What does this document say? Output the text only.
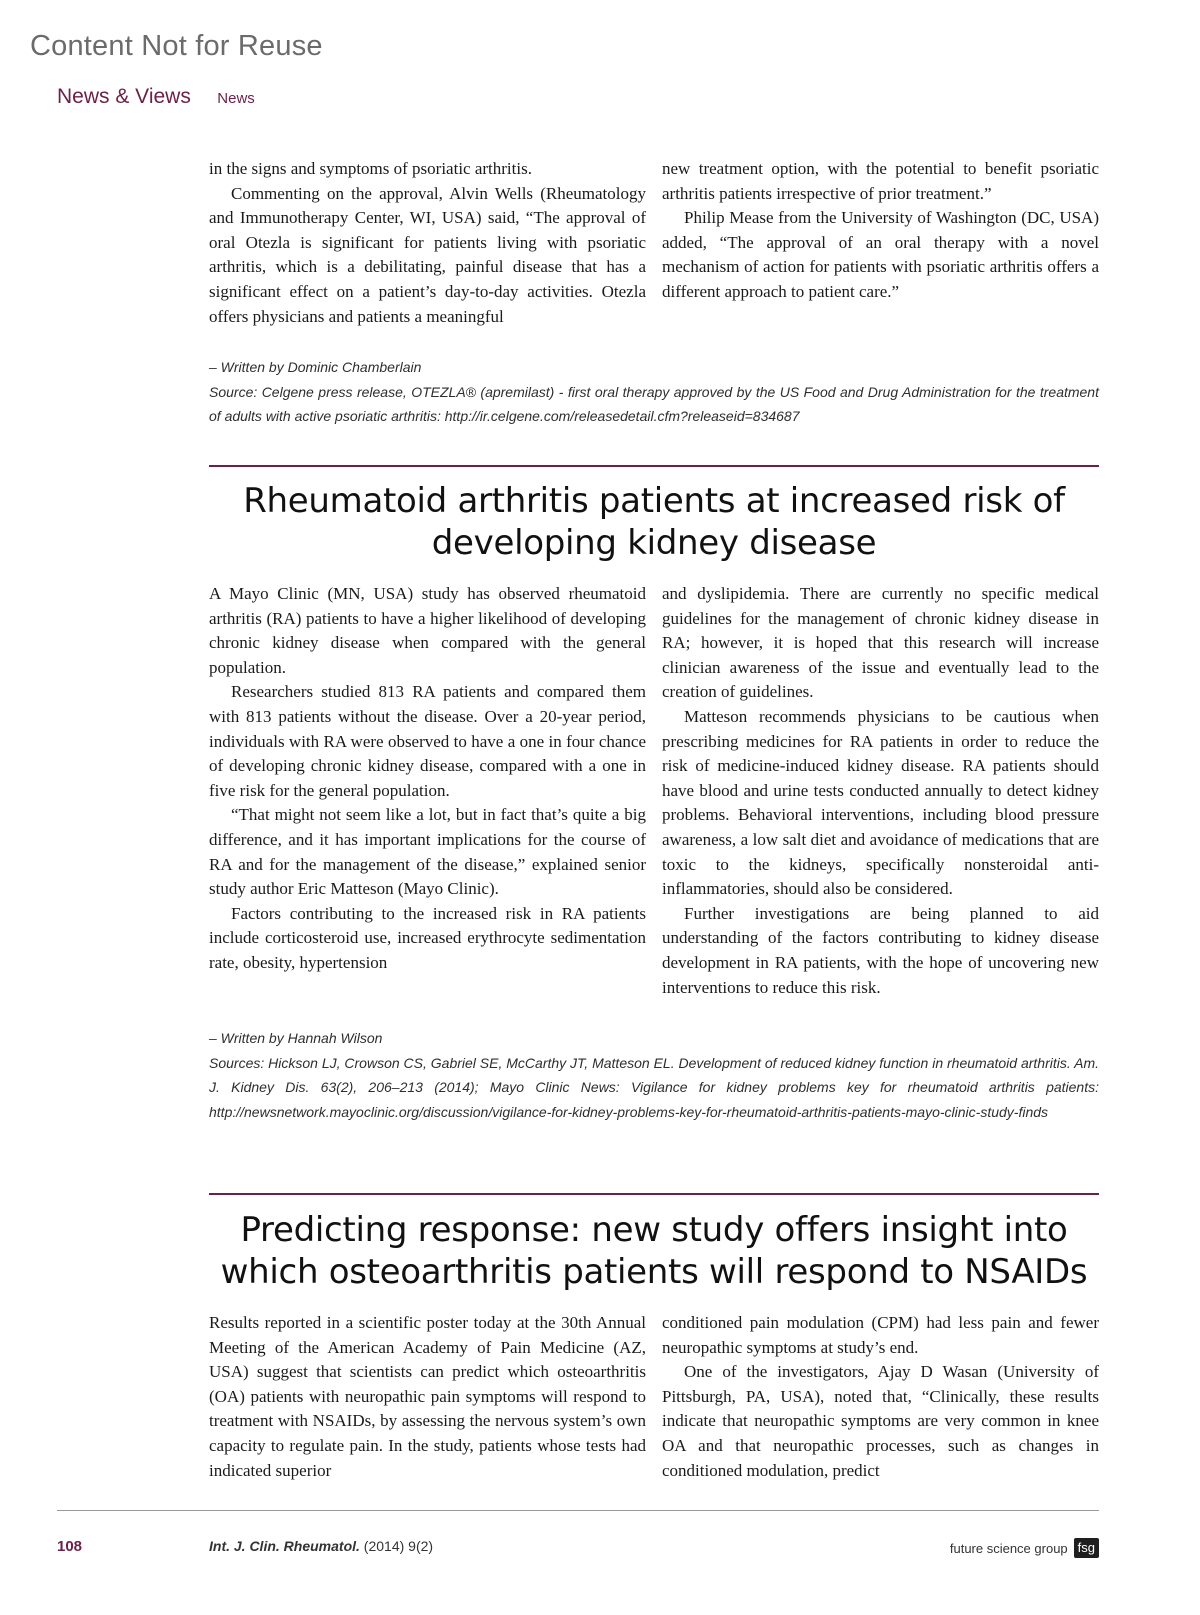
Content Not for Reuse
News & Views News

in the signs and symptoms of psoriatic arthritis.

Commenting on the approval, Alvin Wells (Rheumatology and Immunotherapy Center, WI, USA) said, “The approval of oral Otezla is significant for patients living with psoriatic arthritis, which is a debilitating, painful disease that has a significant effect on a patient’s day-to-day activities. Otezla offers physicians and patients a meaningful

new treatment option, with the potential to benefit psoriatic arthritis patients irrespective of prior treatment.”

Philip Mease from the University of Washington (DC, USA) added, “The approval of an oral therapy with a novel mechanism of action for patients with psoriatic arthritis offers a different approach to patient care.”

– Written by Dominic Chamberlain

Source: Celgene press release, OTEZLA® (apremilast) - first oral therapy approved by the US Food and Drug Administration for the treatment of adults with active psoriatic arthritis: http://ir.celgene.com/releasedetail.cfm?releaseid=834687

Rheumatoid arthritis patients at increased risk of developing kidney disease

A Mayo Clinic (MN, USA) study has observed rheumatoid arthritis (RA) patients to have a higher likelihood of developing chronic kidney disease when compared with the general population.

Researchers studied 813 RA patients and compared them with 813 patients without the disease. Over a 20-year period, individuals with RA were observed to have a one in four chance of developing chronic kidney disease, compared with a one in five risk for the general population.

“That might not seem like a lot, but in fact that’s quite a big difference, and it has important implications for the course of RA and for the management of the disease,” explained senior study author Eric Matteson (Mayo Clinic).

Factors contributing to the increased risk in RA patients include corticosteroid use, increased erythrocyte sedimentation rate, obesity, hypertension

and dyslipidemia. There are currently no specific medical guidelines for the management of chronic kidney disease in RA; however, it is hoped that this research will increase clinician awareness of the issue and eventually lead to the creation of guidelines.

Matteson recommends physicians to be cautious when prescribing medicines for RA patients in order to reduce the risk of medicine-induced kidney disease. RA patients should have blood and urine tests conducted annually to detect kidney problems. Behavioral interventions, including blood pressure awareness, a low salt diet and avoidance of medications that are toxic to the kidneys, specifically nonsteroidal anti-inflammatories, should also be considered.

Further investigations are being planned to aid understanding of the factors contributing to kidney disease development in RA patients, with the hope of uncovering new interventions to reduce this risk.

– Written by Hannah Wilson

Sources: Hickson LJ, Crowson CS, Gabriel SE, McCarthy JT, Matteson EL. Development of reduced kidney function in rheumatoid arthritis. Am. J. Kidney Dis. 63(2), 206–213 (2014); Mayo Clinic News: Vigilance for kidney problems key for rheumatoid arthritis patients: http://newsnetwork.mayoclinic.org/discussion/vigilance-for-kidney-problems-key-for-rheumatoid-arthritis-patients-mayo-clinic-study-finds

Predicting response: new study offers insight into which osteoarthritis patients will respond to NSAIDs

Results reported in a scientific poster today at the 30th Annual Meeting of the American Academy of Pain Medicine (AZ, USA) suggest that scientists can predict which osteoarthritis (OA) patients with neuropathic pain symptoms will respond to treatment with NSAIDs, by assessing the nervous system’s own capacity to regulate pain. In the study, patients whose tests had indicated superior

conditioned pain modulation (CPM) had less pain and fewer neuropathic symptoms at study’s end.

One of the investigators, Ajay D Wasan (University of Pittsburgh, PA, USA), noted that, “Clinically, these results indicate that neuropathic symptoms are very common in knee OA and that neuropathic processes, such as changes in conditioned modulation, predict

108	Int. J. Clin. Rheumatol. (2014) 9(2)	future science group fsg
